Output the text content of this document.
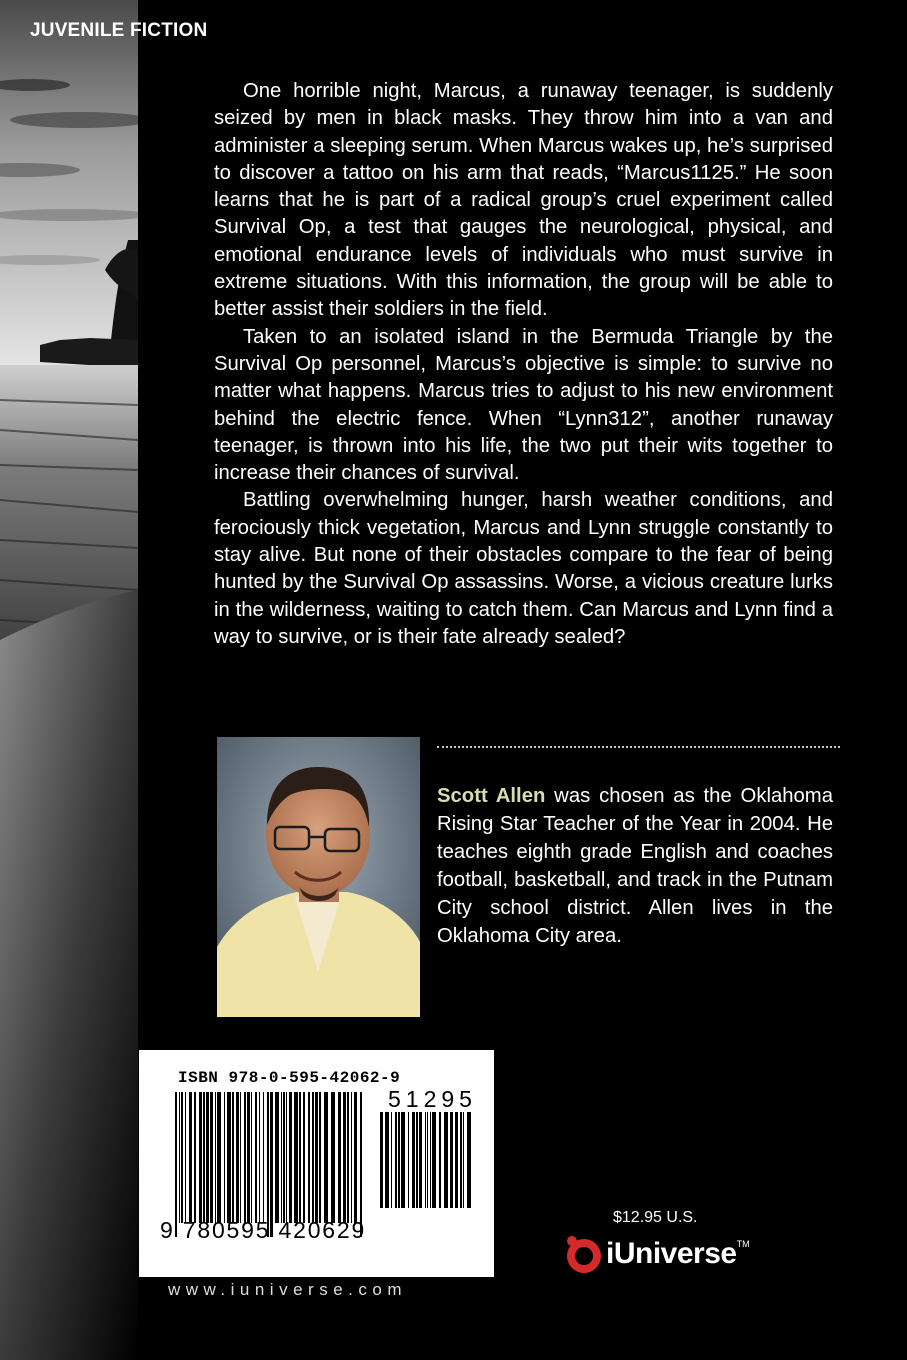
JUVENILE FICTION

One horrible night, Marcus, a runaway teenager, is suddenly seized by men in black masks. They throw him into a van and administer a sleeping serum. When Marcus wakes up, he’s surprised to discover a tattoo on his arm that reads, “Marcus1125.” He soon learns that he is part of a radical group’s cruel experiment called Survival Op, a test that gauges the neurological, physical, and emotional endurance levels of individuals who must survive in extreme situations. With this information, the group will be able to better assist their soldiers in the field.

Taken to an isolated island in the Bermuda Triangle by the Survival Op personnel, Marcus’s objective is simple: to survive no matter what happens. Marcus tries to adjust to his new environment behind the electric fence. When “Lynn312”, another runaway teenager, is thrown into his life, the two put their wits together to increase their chances of survival.

Battling overwhelming hunger, harsh weather conditions, and ferociously thick vegetation, Marcus and Lynn struggle constantly to stay alive. But none of their obstacles compare to the fear of being hunted by the Survival Op assassins. Worse, a vicious creature lurks in the wilderness, waiting to catch them. Can Marcus and Lynn find a way to survive, or is their fate already sealed?

Scott Allen was chosen as the Oklahoma Rising Star Teacher of the Year in 2004. He teaches eighth grade English and coaches football, basketball, and track in the Putnam City school district. Allen lives in the Oklahoma City area.
ISBN 978-0-595-42062-9
51295
9 780595 420629
www.iuniverse.com
$12.95 U.S.
iUniverse TM
